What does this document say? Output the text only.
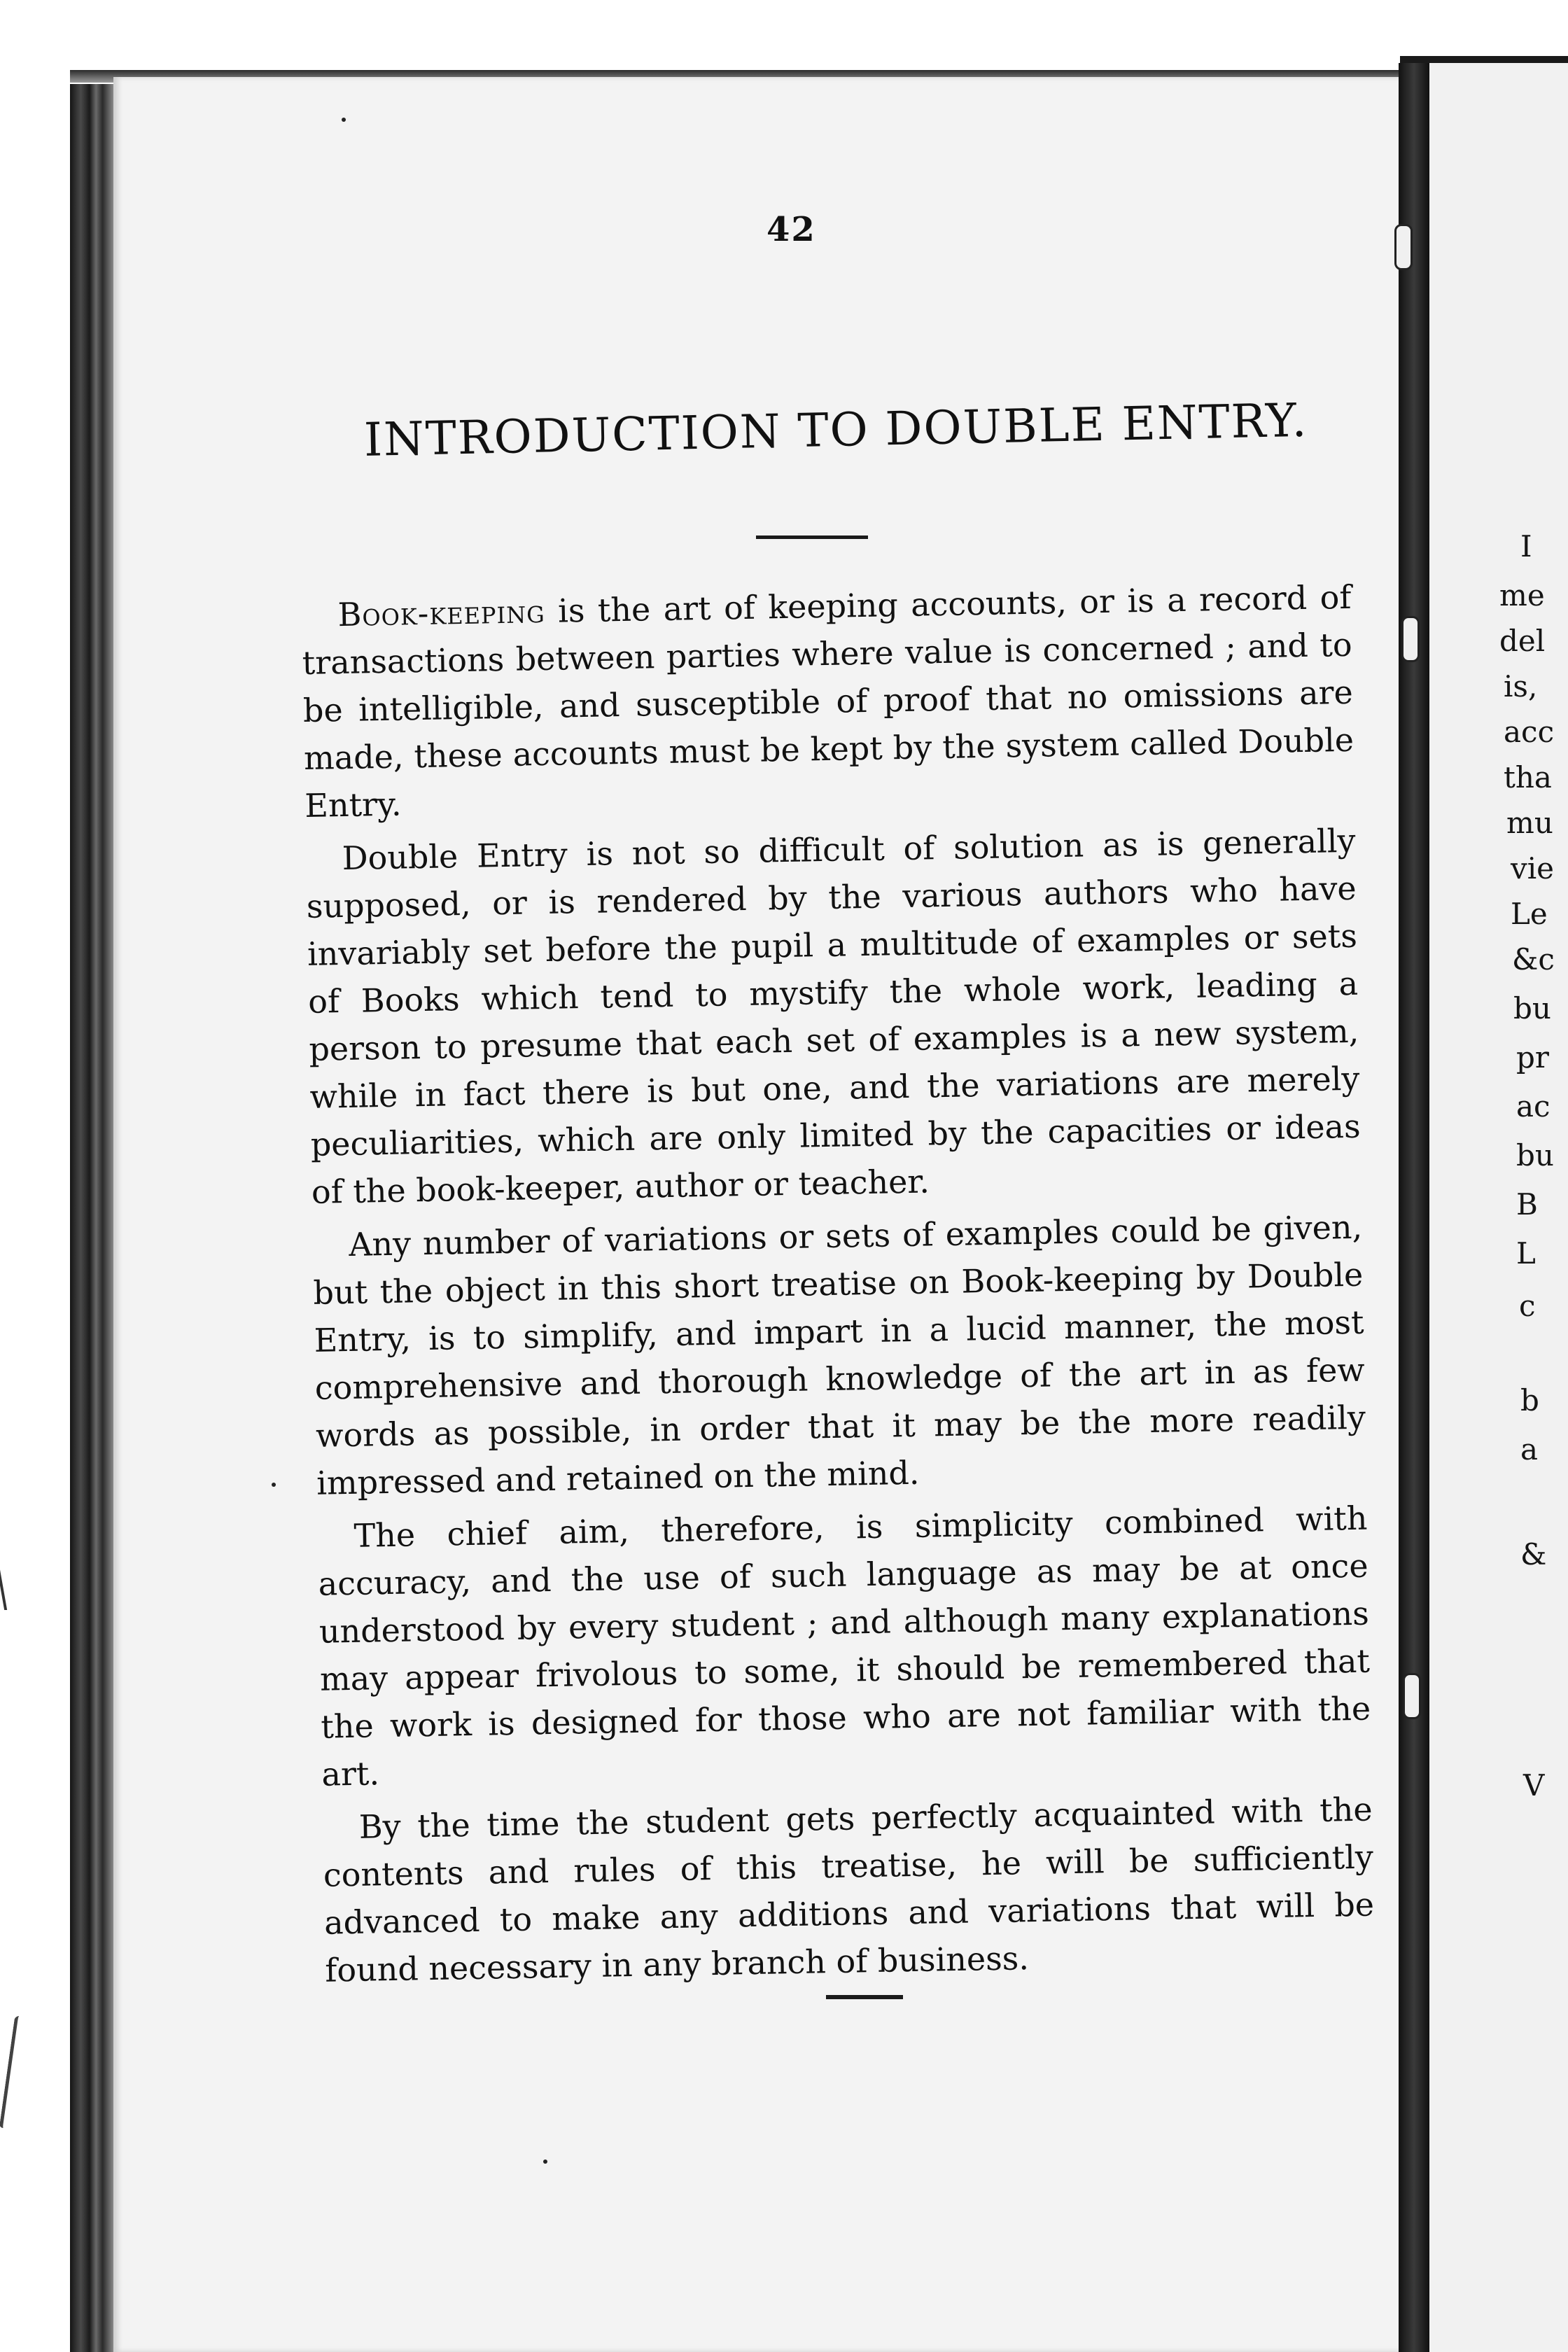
I
me
del
is,
acc
tha
mu
vie
Le
&c
bu
pr
ac
bu
B
L
c
b
a
&
V
42
INTRODUCTION TO DOUBLE ENTRY.

Book-keeping is the art of keeping accounts, or is a record of transactions between parties where value is concerned ; and to be intelligible, and susceptible of proof that no omissions are made, these accounts must be kept by the system called Double Entry.

Double Entry is not so difficult of solution as is generally supposed, or is rendered by the various authors who have invariably set before the pupil a multitude of examples or sets of Books which tend to mystify the whole work, leading a person to presume that each set of examples is a new system, while in fact there is but one, and the variations are merely peculiarities, which are only limited by the capacities or ideas of the book-keeper, author or teacher.

Any number of variations or sets of examples could be given, but the object in this short treatise on Book-keeping by Double Entry, is to simplify, and impart in a lucid manner, the most comprehensive and thorough knowledge of the art in as few words as possible, in order that it may be the more readily impressed and retained on the mind.

The chief aim, therefore, is simplicity combined with accuracy, and the use of such language as may be at once understood by every student ; and although many explanations may appear frivolous to some, it should be remembered that the work is designed for those who are not familiar with the art.

By the time the student gets perfectly acquainted with the contents and rules of this treatise, he will be sufficiently advanced to make any additions and variations that will be found necessary in any branch of business.
